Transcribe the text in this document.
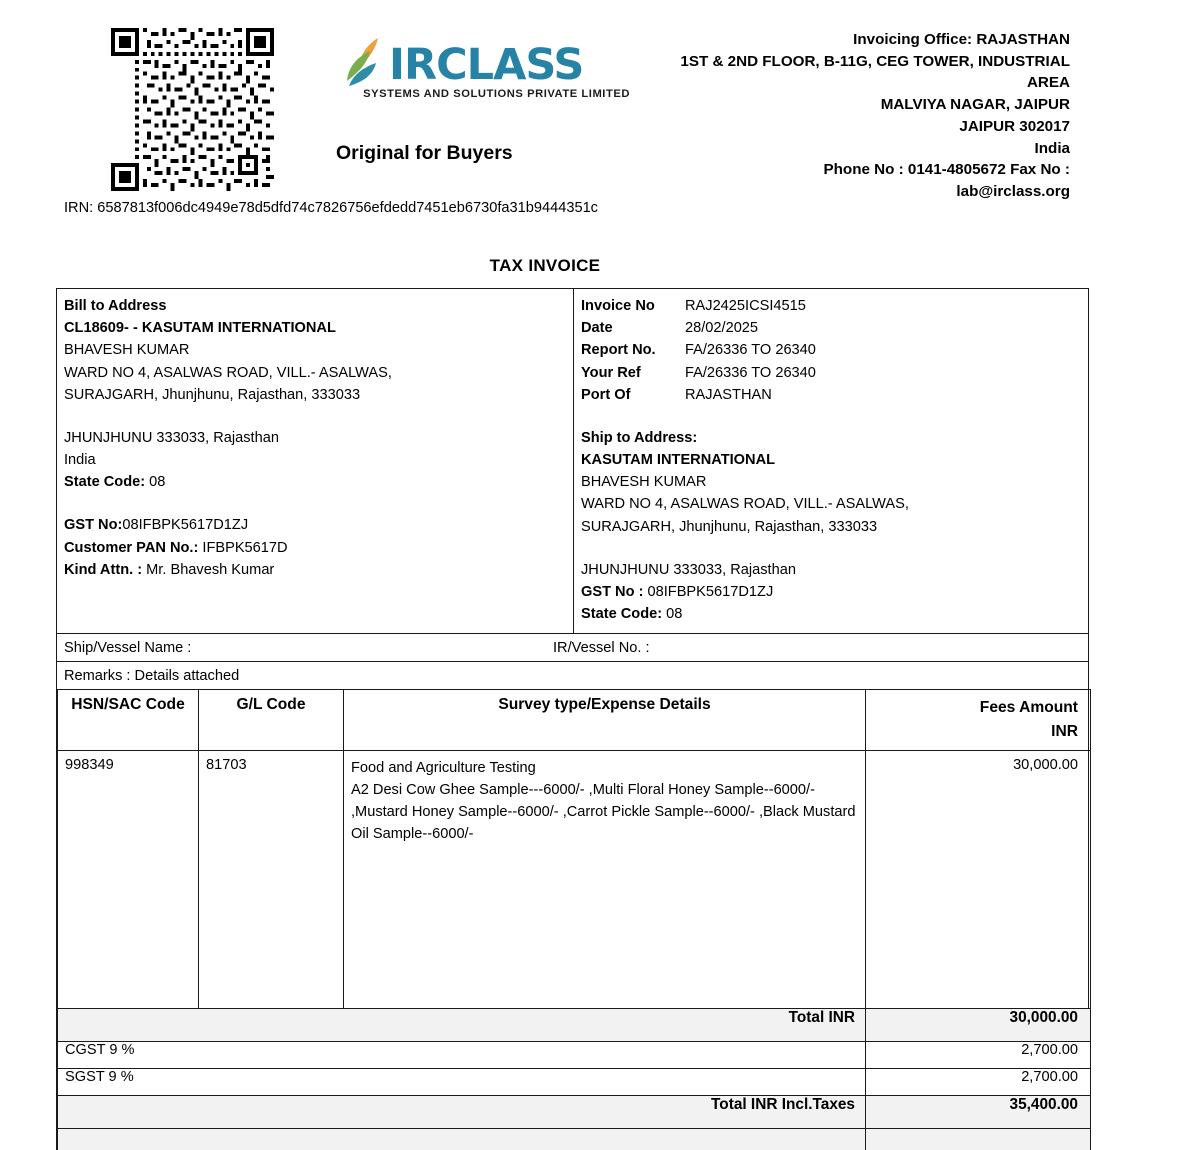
IRCLASS
SYSTEMS AND SOLUTIONS PRIVATE LIMITED
Original for Buyers
Invoicing Office: RAJASTHAN
1ST & 2ND FLOOR, B-11G, CEG TOWER, INDUSTRIAL
AREA
MALVIYA NAGAR, JAIPUR
JAIPUR 302017
India
Phone No : 0141-4805672 Fax No :
lab@irclass.org
IRN: 6587813f006dc4949e78d5dfd74c7826756efdedd7451eb6730fa31b9444351c
TAX INVOICE
Bill to Address
CL18609- - KASUTAM INTERNATIONAL
BHAVESH KUMAR
WARD NO 4, ASALWAS ROAD, VILL.- ASALWAS,
SURAJGARH, Jhunjhunu, Rajasthan, 333033
JHUNJHUNU 333033, Rajasthan
India
State Code: 08
GST No:08IFBPK5617D1ZJ
Customer PAN No.: IFBPK5617D
Kind Attn. : Mr. Bhavesh Kumar
Invoice No	RAJ2425ICSI4515
Date	28/02/2025
Report No.	FA/26336 TO 26340
Your Ref	FA/26336 TO 26340
Port Of	RAJASTHAN
Ship to Address:
KASUTAM INTERNATIONAL
BHAVESH KUMAR
WARD NO 4, ASALWAS ROAD, VILL.- ASALWAS,
SURAJGARH, Jhunjhunu, Rajasthan, 333033
JHUNJHUNU 333033, Rajasthan
GST No : 08IFBPK5617D1ZJ
State Code: 08
Ship/Vessel Name :	IR/Vessel No. :
Remarks : Details attached
HSN/SAC Code	G/L Code	Survey type/Expense Details	Fees Amount
INR

998349	81703	Food and Agriculture Testing
A2 Desi Cow Ghee Sample---6000/- ,Multi Floral Honey Sample--6000/- ,Mustard Honey Sample--6000/- ,Carrot Pickle Sample--6000/- ,Black Mustard Oil Sample--6000/-	30,000.00
Total INR			30,000.00
CGST 9 %			2,700.00
SGST 9 %			2,700.00
Total INR Incl.Taxes			35,400.00
